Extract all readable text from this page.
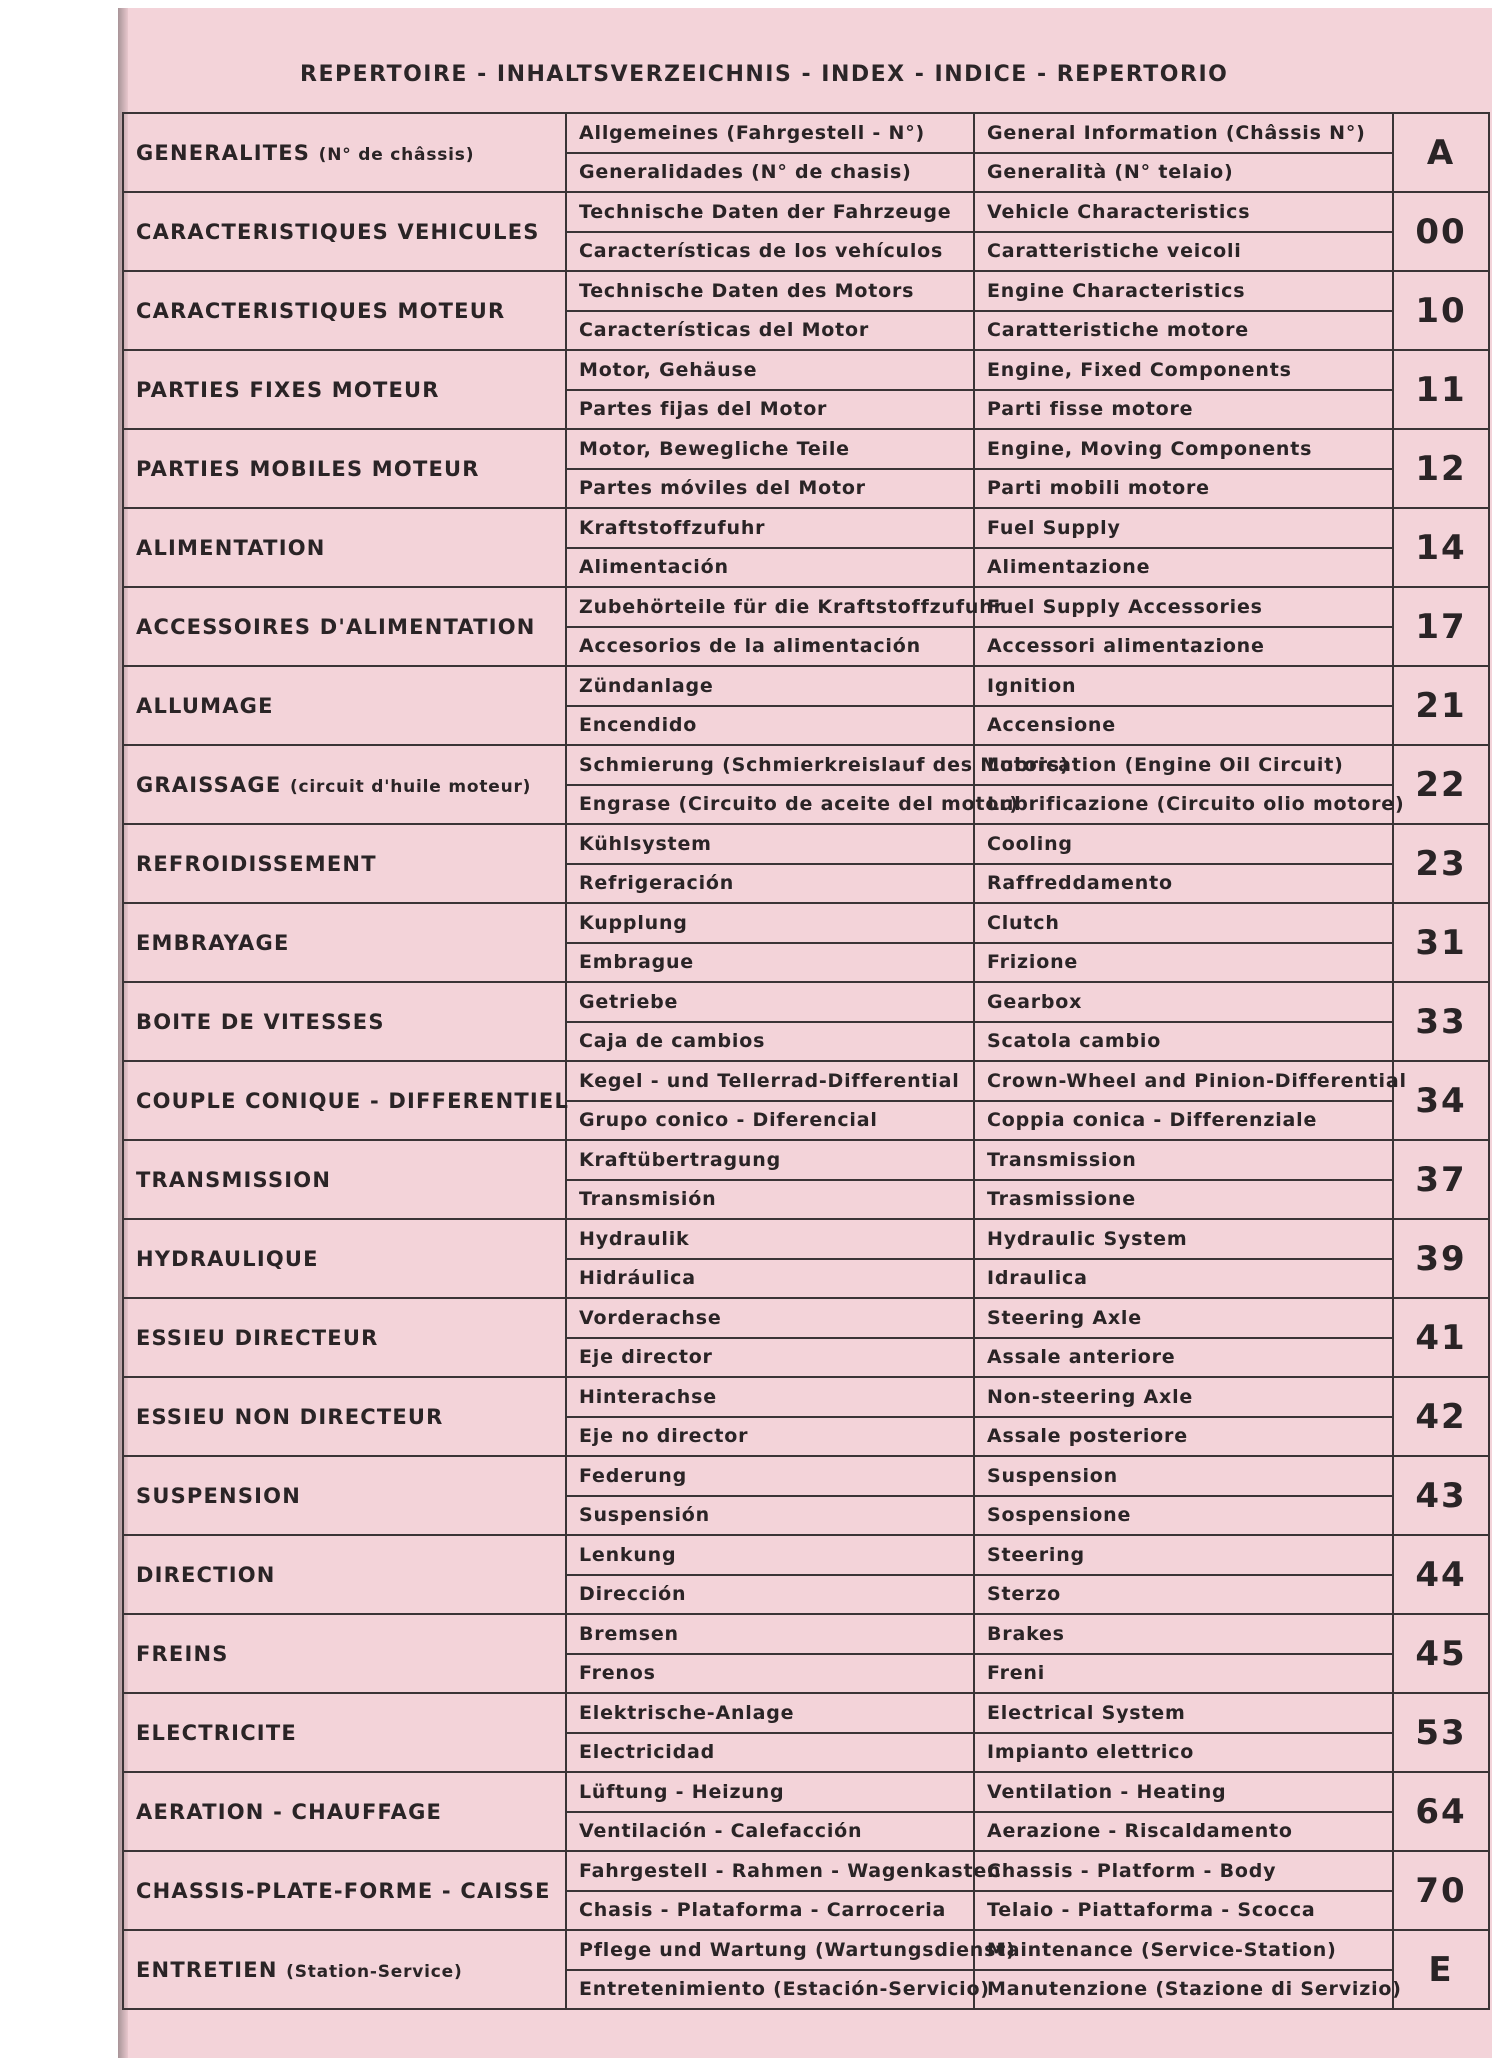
REPERTOIRE - INHALTSVERZEICHNIS - INDEX - INDICE - REPERTORIO
GENERALITES (N° de châssis)	Allgemeines (Fahrgestell - N°)	General Information (Châssis N°)	A
	Generalidades (N° de chasis)	Generalità (N° telaio)	
CARACTERISTIQUES VEHICULES	Technische Daten der Fahrzeuge	Vehicle Characteristics	00
	Características de los vehículos	Caratteristiche veicoli	
CARACTERISTIQUES MOTEUR	Technische Daten des Motors	Engine Characteristics	10
	Características del Motor	Caratteristiche motore	
PARTIES FIXES MOTEUR	Motor, Gehäuse	Engine, Fixed Components	11
	Partes fijas del Motor	Parti fisse motore	
PARTIES MOBILES MOTEUR	Motor, Bewegliche Teile	Engine, Moving Components	12
	Partes móviles del Motor	Parti mobili motore	
ALIMENTATION	Kraftstoffzufuhr	Fuel Supply	14
	Alimentación	Alimentazione	
ACCESSOIRES D'ALIMENTATION	Zubehörteile für die Kraftstoffzufuhr	Fuel Supply Accessories	17
	Accesorios de la alimentación	Accessori alimentazione	
ALLUMAGE	Zündanlage	Ignition	21
	Encendido	Accensione	
GRAISSAGE (circuit d'huile moteur)	Schmierung (Schmierkreislauf des Motors)	Lubrication (Engine Oil Circuit)	22
	Engrase (Circuito de aceite del motor)	Lubrificazione (Circuito olio motore)	
REFROIDISSEMENT	Kühlsystem	Cooling	23
	Refrigeración	Raffreddamento	
EMBRAYAGE	Kupplung	Clutch	31
	Embrague	Frizione	
BOITE DE VITESSES	Getriebe	Gearbox	33
	Caja de cambios	Scatola cambio	
COUPLE CONIQUE - DIFFERENTIEL	Kegel - und Tellerrad-Differential	Crown-Wheel and Pinion-Differential	34
	Grupo conico - Diferencial	Coppia conica - Differenziale	
TRANSMISSION	Kraftübertragung	Transmission	37
	Transmisión	Trasmissione	
HYDRAULIQUE	Hydraulik	Hydraulic System	39
	Hidráulica	Idraulica	
ESSIEU DIRECTEUR	Vorderachse	Steering Axle	41
	Eje director	Assale anteriore	
ESSIEU NON DIRECTEUR	Hinterachse	Non-steering Axle	42
	Eje no director	Assale posteriore	
SUSPENSION	Federung	Suspension	43
	Suspensión	Sospensione	
DIRECTION	Lenkung	Steering	44
	Dirección	Sterzo	
FREINS	Bremsen	Brakes	45
	Frenos	Freni	
ELECTRICITE	Elektrische-Anlage	Electrical System	53
	Electricidad	Impianto elettrico	
AERATION - CHAUFFAGE	Lüftung - Heizung	Ventilation - Heating	64
	Ventilación - Calefacción	Aerazione - Riscaldamento	
CHASSIS-PLATE-FORME - CAISSE	Fahrgestell - Rahmen - Wagenkasten	Chassis - Platform - Body	70
	Chasis - Plataforma - Carroceria	Telaio - Piattaforma - Scocca	
ENTRETIEN (Station-Service)	Pflege und Wartung (Wartungsdienst)	Maintenance (Service-Station)	E
	Entretenimiento (Estación-Servicio)	Manutenzione (Stazione di Servizio)	
